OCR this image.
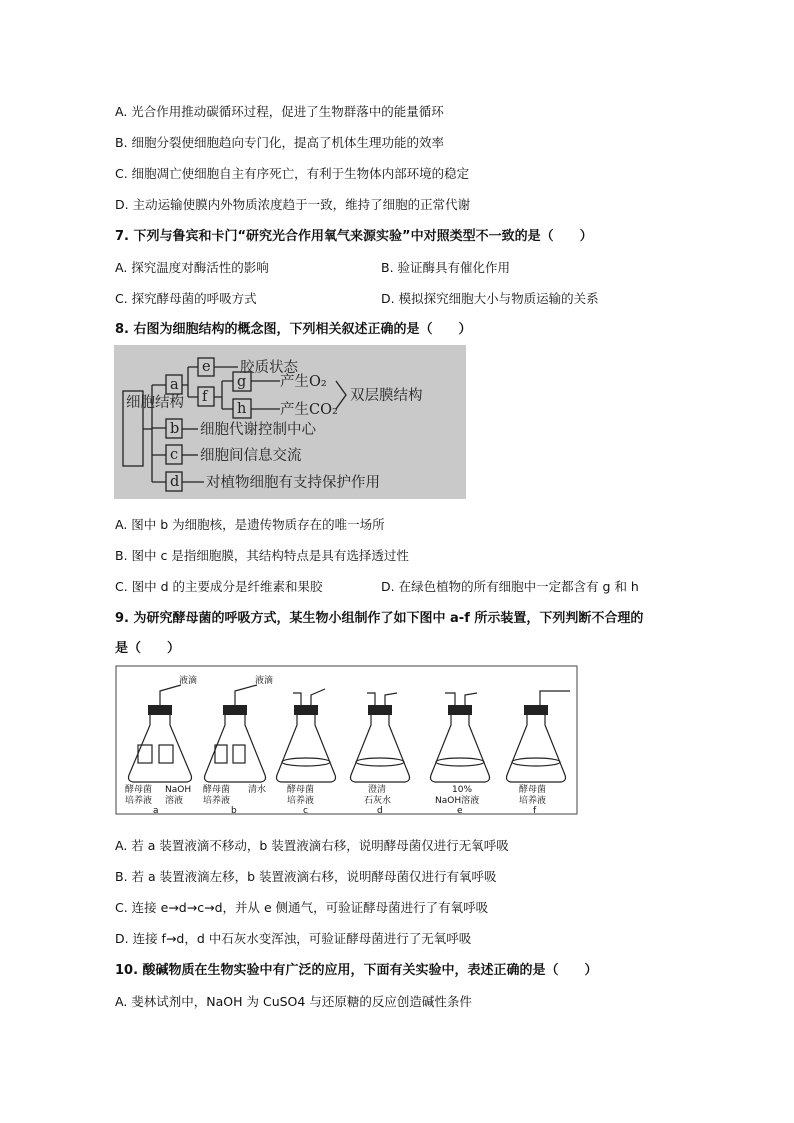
A. 光合作用推动碳循环过程，促进了生物群落中的能量循环
B. 细胞分裂使细胞趋向专门化，提高了机体生理功能的效率
C. 细胞凋亡使细胞自主有序死亡，有利于生物体内部环境的稳定
D. 主动运输使膜内外物质浓度趋于一致，维持了细胞的正常代谢
7. 下列与鲁宾和卡门“研究光合作用氧气来源实验”中对照类型不一致的是（　　）
A. 探究温度对酶活性的影响	B. 验证酶具有催化作用
C. 探究酵母菌的呼吸方式	D. 模拟探究细胞大小与物质运输的关系
8. 右图为细胞结构的概念图，下列相关叙述正确的是（　　）
细胞结构
a
e 胶质状态
f
g 产生O₂
h 产生CO₂
双层膜结构
b 细胞代谢控制中心
c 细胞间信息交流
d 对植物细胞有支持保护作用
A. 图中 b 为细胞核，是遗传物质存在的唯一场所
B. 图中 c 是指细胞膜，其结构特点是具有选择透过性
C. 图中 d 的主要成分是纤维素和果胶	D. 在绿色植物的所有细胞中一定都含有 g 和 h
9. 为研究酵母菌的呼吸方式，某生物小组制作了如下图中 a-f 所示装置，下列判断不合理的
是（　　）
液滴
酵母菌
培养液
NaOH
溶液
a
液滴
酵母菌
培养液
清水
b
酵母菌
培养液
c
澄清
石灰水
d
10%
NaOH溶液
e
酵母菌
培养液
f
A. 若 a 装置液滴不移动，b 装置液滴右移，说明酵母菌仅进行无氧呼吸
B. 若 a 装置液滴左移，b 装置液滴右移，说明酵母菌仅进行有氧呼吸
C. 连接 e→d→c→d，并从 e 侧通气，可验证酵母菌进行了有氧呼吸
D. 连接 f→d，d 中石灰水变浑浊，可验证酵母菌进行了无氧呼吸
10. 酸碱物质在生物实验中有广泛的应用，下面有关实验中，表述正确的是（　　）
A. 斐林试剂中，NaOH 为 CuSO4 与还原糖的反应创造碱性条件
